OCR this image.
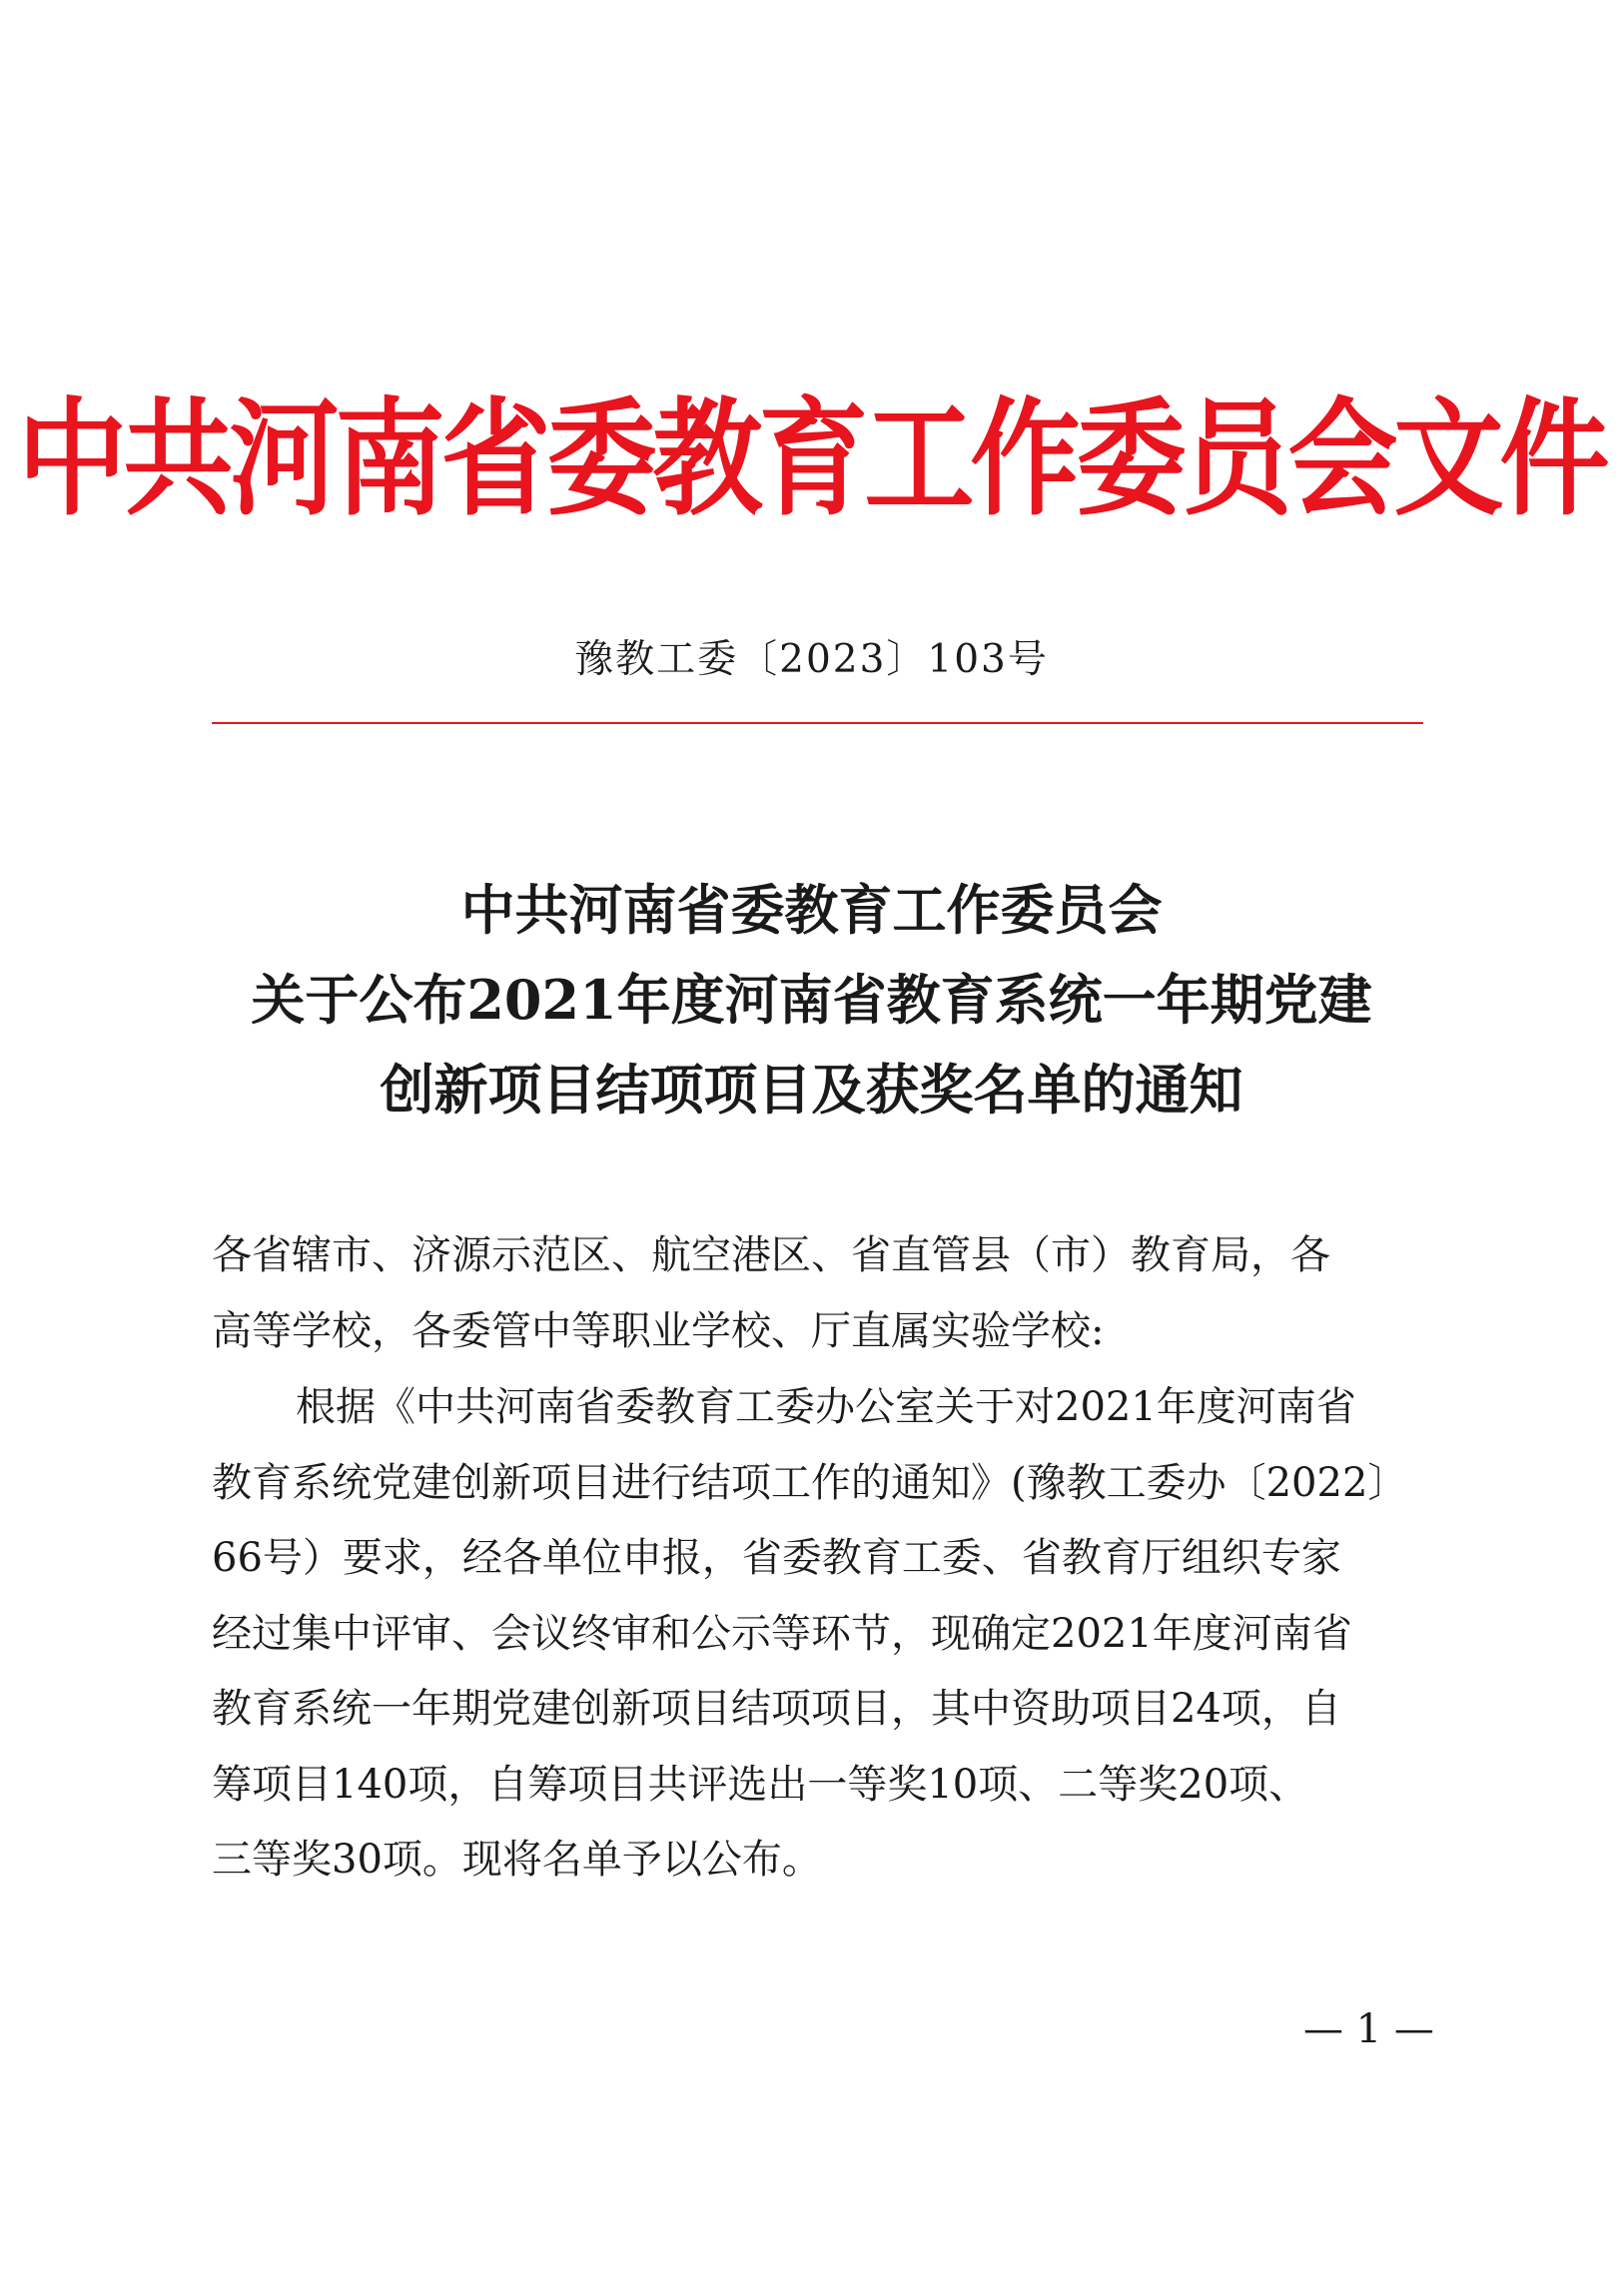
中共河南省委教育工作委员会文件
豫教工委〔2023〕103号
中共河南省委教育工作委员会
关于公布2021年度河南省教育系统一年期党建
创新项目结项项目及获奖名单的通知
各省辖市、济源示范区、航空港区、省直管县（市）教育局，各
高等学校，各委管中等职业学校、厅直属实验学校:
根据《中共河南省委教育工委办公室关于对2021年度河南省
教育系统党建创新项目进行结项工作的通知》(豫教工委办〔2022〕
66号）要求，经各单位申报，省委教育工委、省教育厅组织专家
经过集中评审、会议终审和公示等环节，现确定2021年度河南省
教育系统一年期党建创新项目结项项目，其中资助项目24项，自
筹项目140项，自筹项目共评选出一等奖10项、二等奖20项、
三等奖30项。现将名单予以公布。
— 1 —
